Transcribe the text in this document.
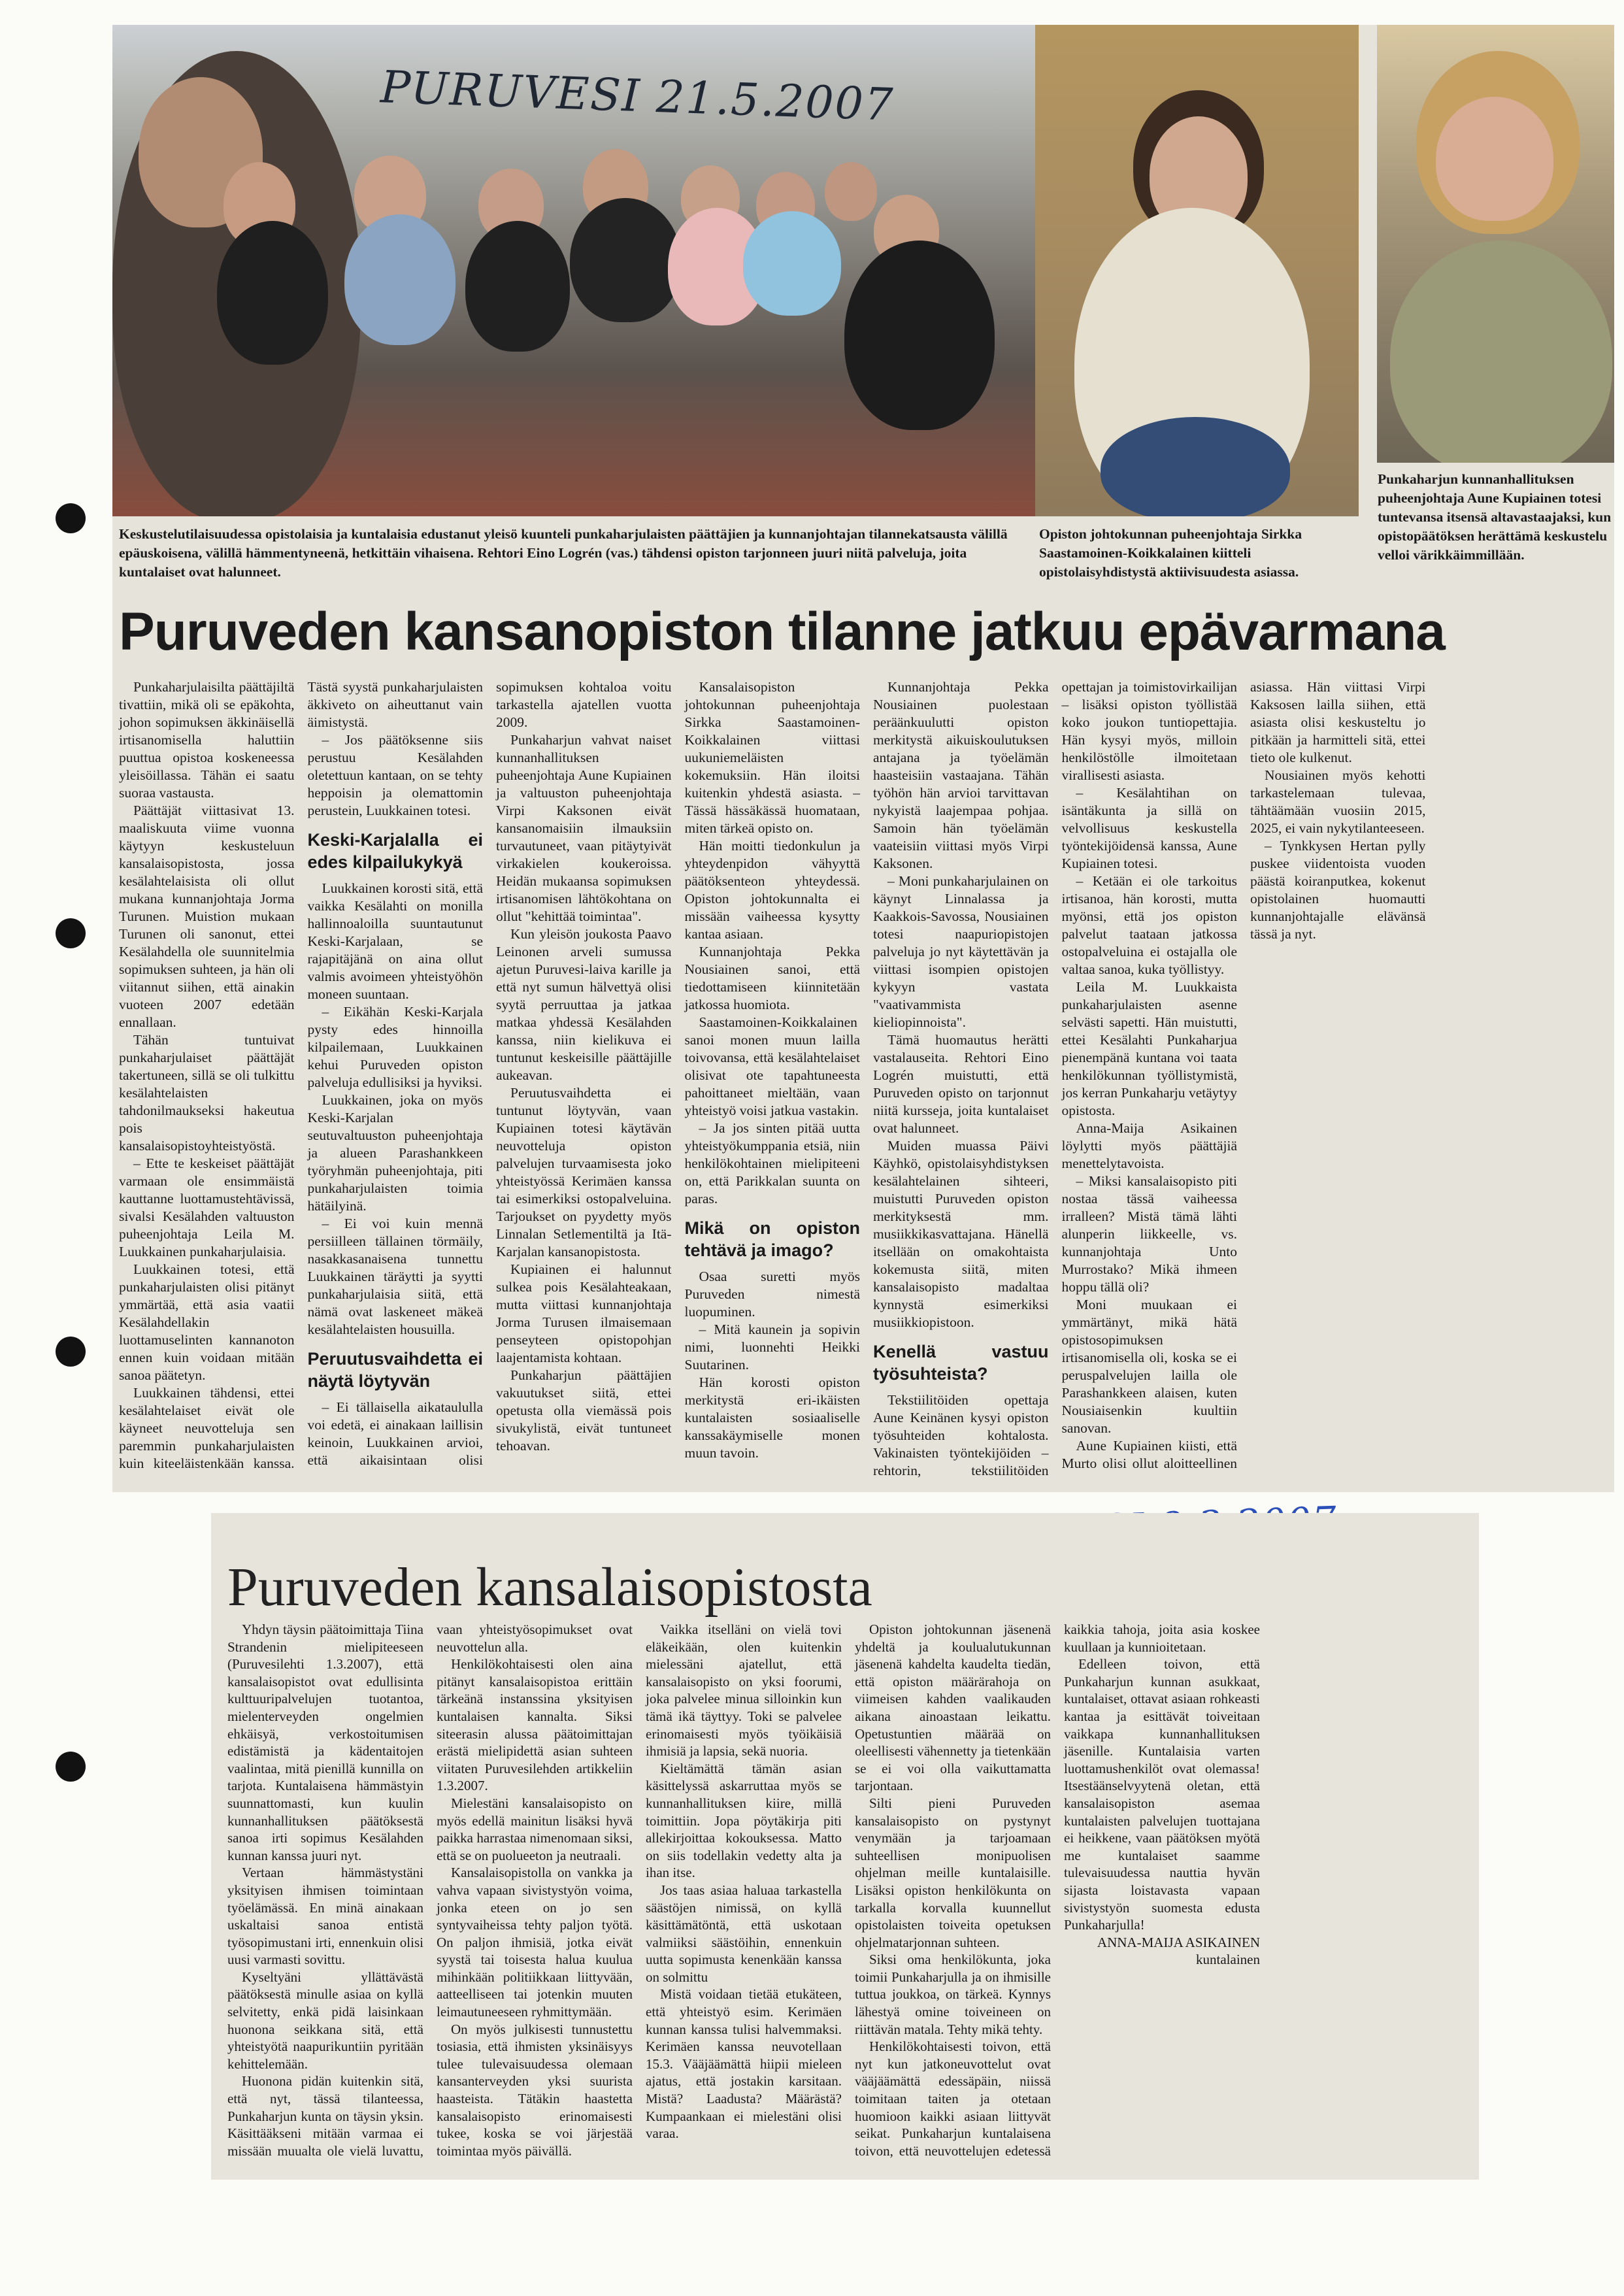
PURUVESI 21.5.2007

Keskustelutilaisuudessa opistolaisia ja kuntalaisia edustanut yleisö kuunteli punkaharjulaisten päättäjien ja kunnanjohtajan tilannekatsausta välillä epäuskoisena, välillä hämmentyneenä, hetkittäin vihaisena. Rehtori Eino Logrén (vas.) tähdensi opiston tarjonneen juuri niitä palveluja, joita kuntalaiset ovat halunneet.

Opiston johtokunnan puheenjohtaja Sirkka Saastamoinen-Koikkalainen kiitteli opistolaisyhdistystä aktiivisuudesta asiassa.

Punkaharjun kunnanhallituksen puheenjohtaja Aune Kupiainen totesi tuntevansa itsensä altavastaajaksi, kun opistopäätöksen herättämä keskustelu velloi värikkäimmillään.

Puruveden kansanopiston tilanne jatkuu epävarmana

Punkaharjulaisilta päättäjiltä tivattiin, mikä oli se epäkohta, johon sopimuksen äkkinäisellä irtisanomisella haluttiin puuttua opistoa koskeneessa yleisöillassa. Tähän ei saatu suoraa vastausta.

Päättäjät viittasivat 13. maaliskuuta viime vuonna käytyyn keskusteluun kansalaisopistosta, jossa kesälahtelaisista oli ollut mukana kunnanjohtaja Jorma Turunen. Muistion mukaan Turunen oli sanonut, ettei Kesälahdella ole suunnitelmia sopimuksen suhteen, ja hän oli viitannut siihen, että ainakin vuoteen 2007 edetään ennallaan.

Tähän tuntuivat punkaharjulaiset päättäjät takertuneen, sillä se oli tulkittu kesälahtelaisten tahdonilmaukseksi hakeutua pois kansalaisopistoyhteistyöstä.

– Ette te keskeiset päättäjät varmaan ole ensimmäistä kauttanne luottamustehtävissä, sivalsi Kesälahden valtuuston puheenjohtaja Leila M. Luukkainen punkaharjulaisia.

Luukkainen totesi, että punkaharjulaisten olisi pitänyt ymmärtää, että asia vaatii Kesälahdellakin luottamuselinten kannanoton ennen kuin voidaan mitään sanoa päätetyn.

Luukkainen tähdensi, ettei kesälahtelaiset eivät ole käyneet neuvotteluja sen paremmin punkaharjulaisten kuin kiteeläistenkään kanssa. Tästä syystä punkaharjulaisten äkkiveto on aiheuttanut vain äimistystä.

– Jos päätöksenne siis perustuu Kesälahden oletettuun kantaan, on se tehty heppoisin ja olemattomin perustein, Luukkainen totesi.

Keski-Karjalalla ei edes kilpailukykyä

Luukkainen korosti sitä, että vaikka Kesälahti on monilla hallinnoaloilla suuntautunut Keski-Karjalaan, se rajapitäjänä on aina ollut valmis avoimeen yhteistyöhön moneen suuntaan.

– Eikähän Keski-Karjala pysty edes hinnoilla kilpailemaan, Luukkainen kehui Puruveden opiston palveluja edullisiksi ja hyviksi.

Luukkainen, joka on myös Keski-Karjalan seutuvaltuuston puheenjohtaja ja alueen Parashankkeen työryhmän puheenjohtaja, piti punkaharjulaisten toimia hätäilyinä.

– Ei voi kuin mennä persiilleen tällainen törmäily, nasakkasanaisena tunnettu Luukkainen täräytti ja syytti punkaharjulaisia siitä, että nämä ovat laskeneet mäkeä kesälahtelaisten housuilla.

Peruutusvaihdetta ei näytä löytyvän

– Ei tällaisella aikataululla voi edetä, ei ainakaan laillisin keinoin, Luukkainen arvioi, että aikaisintaan olisi sopimuksen kohtaloa voitu tarkastella ajatellen vuotta 2009.

Punkaharjun vahvat naiset kunnanhallituksen puheenjohtaja Aune Kupiainen ja valtuuston puheenjohtaja Virpi Kaksonen eivät kansanomaisiin ilmauksiin turvautuneet, vaan pitäytyivät virkakielen koukeroissa. Heidän mukaansa sopimuksen irtisanomisen lähtökohtana on ollut "kehittää toimintaa".

Kun yleisön joukosta Paavo Leinonen arveli sumussa ajetun Puruvesi-laiva karille ja että nyt sumun hälvettyä olisi syytä perruuttaa ja jatkaa matkaa yhdessä Kesälahden kanssa, niin kielikuva ei tuntunut keskeisille päättäjille aukeavan.

Peruutusvaihdetta ei tuntunut löytyvän, vaan Kupiainen totesi käytävän neuvotteluja opiston palvelujen turvaamisesta joko yhteistyössä Kerimäen kanssa tai esimerkiksi ostopalveluina. Tarjoukset on pyydetty myös Linnalan Setlementiltä ja Itä-Karjalan kansanopistosta.

Kupiainen ei halunnut sulkea pois Kesälahteakaan, mutta viittasi kunnanjohtaja Jorma Turusen ilmaisemaan penseyteen opistopohjan laajentamista kohtaan.

Punkaharjun päättäjien vakuutukset siitä, ettei opetusta olla viemässä pois sivukylistä, eivät tuntuneet tehoavan.

Kansalaisopiston johtokunnan puheenjohtaja Sirkka Saastamoinen-Koikkalainen viittasi uukuniemeläisten kokemuksiin. Hän iloitsi kuitenkin yhdestä asiasta. – Tässä hässäkässä huomataan, miten tärkeä opisto on.

Hän moitti tiedonkulun ja yhteydenpidon vähyyttä päätöksenteon yhteydessä. Opiston johtokunnalta ei missään vaiheessa kysytty kantaa asiaan.

Kunnanjohtaja Pekka Nousiainen sanoi, että tiedottamiseen kiinnitetään jatkossa huomiota.

Saastamoinen-Koikkalainen sanoi monen muun lailla toivovansa, että kesälahtelaiset olisivat ote tapahtuneesta pahoittaneet mieltään, vaan yhteistyö voisi jatkua vastakin.

– Ja jos sinten pitää uutta yhteistyökumppania etsiä, niin henkilökohtainen mielipiteeni on, että Parikkalan suunta on paras.

Mikä on opiston tehtävä ja imago?

Osaa suretti myös Puruveden nimestä luopuminen.

– Mitä kaunein ja sopivin nimi, luonnehti Heikki Suutarinen.

Hän korosti opiston merkitystä eri-ikäisten kuntalaisten sosiaaliselle kanssakäymiselle monen muun tavoin.

Kunnanjohtaja Pekka Nousiainen puolestaan peräänkuulutti opiston merkitystä aikuiskoulutuksen antajana ja työelämän haasteisiin vastaajana. Tähän työhön hän arvioi tarvittavan nykyistä laajempaa pohjaa. Samoin hän työelämän vaateisiin viittasi myös Virpi Kaksonen.

– Moni punkaharjulainen on käynyt Linnalassa ja Kaakkois-Savossa, Nousiainen totesi naapuriopistojen palveluja jo nyt käytettävän ja viittasi isompien opistojen kykyyn vastata "vaativammista kieliopinnoista".

Tämä huomautus herätti vastalauseita. Rehtori Eino Logrén muistutti, että Puruveden opisto on tarjonnut niitä kursseja, joita kuntalaiset ovat halunneet.

Muiden muassa Päivi Käyhkö, opistolaisyhdistyksen kesälahtelainen sihteeri, muistutti Puruveden opiston merkityksestä mm. musiikkikasvattajana. Hänellä itsellään on omakohtaista kokemusta siitä, miten kansalaisopisto madaltaa kynnystä esimerkiksi musiikkiopistoon.

Kenellä vastuu työsuhteista?

Tekstiilitöiden opettaja Aune Keinänen kysyi opiston työsuhteiden kohtalosta. Vakinaisten työntekijöiden – rehtorin, tekstiilitöiden opettajan ja toimistovirkailijan – lisäksi opiston työllistää koko joukon tuntiopettajia. Hän kysyi myös, milloin henkilöstölle ilmoitetaan virallisesti asiasta.

– Kesälahtihan on isäntäkunta ja sillä on velvollisuus keskustella työntekijöidensä kanssa, Aune Kupiainen totesi.

– Ketään ei ole tarkoitus irtisanoa, hän korosti, mutta myönsi, että jos opiston palvelut taataan jatkossa ostopalveluina ei ostajalla ole valtaa sanoa, kuka työllistyy.

Leila M. Luukkaista punkaharjulaisten asenne selvästi sapetti. Hän muistutti, ettei Kesälahti Punkaharjua pienempänä kuntana voi taata henkilökunnan työllistymistä, jos kerran Punkaharju vetäytyy opistosta.

Anna-Maija Asikainen löylytti myös päättäjiä menettelytavoista.

– Miksi kansalaisopisto piti nostaa tässä vaiheessa irralleen? Mistä tämä lähti alunperin liikkeelle, vs. kunnanjohtaja Unto Murrostako? Mikä ihmeen hoppu tällä oli?

Moni muukaan ei ymmärtänyt, mikä hätä opistosopimuksen irtisanomisella oli, koska se ei peruspalvelujen lailla ole Parashankkeen alaisen, kuten Nousiaisenkin kuultiin sanovan.

Aune Kupiainen kiisti, että Murto olisi ollut aloitteellinen asiassa. Hän viittasi Virpi Kaksosen lailla siihen, että asiasta olisi keskusteltu jo pitkään ja harmitteli sitä, ettei tieto ole kulkenut.

Nousiainen myös kehotti tarkastelemaan tulevaa, tähtäämään vuosiin 2015, 2025, ei vain nykytilanteeseen.

– Tynkkysen Hertan pylly puskee viidentoista vuoden päästä koiranputkea, kokenut opistolainen huomautti kunnanjohtajalle elävänsä tässä ja nyt.

Puruveden kansalaisopistosta

Yhdyn täysin päätoimittaja Tiina Strandenin mielipiteeseen (Puruvesilehti 1.3.2007), että kansalaisopistot ovat edullisinta kulttuuripalvelujen tuotantoa, mielenterveyden ongelmien ehkäisyä, verkostoitumisen edistämistä ja kädentaitojen vaalintaa, mitä pienillä kunnilla on tarjota. Kuntalaisena hämmästyin suunnattomasti, kun kuulin kunnanhallituksen päätöksestä sanoa irti sopimus Kesälahden kunnan kanssa juuri nyt.

Vertaan hämmästystäni yksityisen ihmisen toimintaan työelämässä. En minä ainakaan uskaltaisi sanoa entistä työsopimustani irti, ennenkuin olisi uusi varmasti sovittu.

Kyseltyäni yllättävästä päätöksestä minulle asiaa on kyllä selvitetty, enkä pidä laisinkaan huonona seikkana sitä, että yhteistyötä naapurikuntiin pyritään kehittelemään.

Huonona pidän kuitenkin sitä, että nyt, tässä tilanteessa, Punkaharjun kunta on täysin yksin. Käsittääkseni mitään varmaa ei missään muualta ole vielä luvattu, vaan yhteistyösopimukset ovat neuvottelun alla.

Henkilökohtaisesti olen aina pitänyt kansalaisopistoa erittäin tärkeänä instanssina yksityisen kuntalaisen kannalta. Siksi siteerasin alussa päätoimittajan erästä mielipidettä asian suhteen viitaten Puruvesilehden artikkeliin 1.3.2007.

Mielestäni kansalaisopisto on myös edellä mainitun lisäksi hyvä paikka harrastaa nimenomaan siksi, että se on puolueeton ja neutraali.

Kansalaisopistolla on vankka ja vahva vapaan sivistystyön voima, jonka eteen on jo sen syntyvaiheissa tehty paljon työtä. On paljon ihmisiä, jotka eivät syystä tai toisesta halua kuulua mihinkään politiikkaan liittyvään, aatteelliseen tai jotenkin muuten leimautuneeseen ryhmittymään.

On myös julkisesti tunnustettu tosiasia, että ihmisten yksinäisyys tulee tulevaisuudessa olemaan kansanterveyden yksi suurista haasteista. Tätäkin haastetta kansalaisopisto erinomaisesti tukee, koska se voi järjestää toimintaa myös päivällä.

Vaikka itselläni on vielä tovi eläkeikään, olen kuitenkin mielessäni ajatellut, että kansalaisopisto on yksi foorumi, joka palvelee minua silloinkin kun tämä ikä täyttyy. Toki se palvelee erinomaisesti myös työikäisiä ihmisiä ja lapsia, sekä nuoria.

Kieltämättä tämän asian käsittelyssä askarruttaa myös se kunnanhallituksen kiire, millä toimittiin. Jopa pöytäkirja piti allekirjoittaa kokouksessa. Matto on siis todellakin vedetty alta ja ihan itse.

Jos taas asiaa haluaa tarkastella säästöjen nimissä, on kyllä käsittämätöntä, että uskotaan valmiiksi säästöihin, ennenkuin uutta sopimusta kenenkään kanssa on solmittu

Mistä voidaan tietää etukäteen, että yhteistyö esim. Kerimäen kunnan kanssa tulisi halvemmaksi. Kerimäen kanssa neuvotellaan 15.3. Vääjäämättä hiipii mieleen ajatus, että jostakin karsitaan. Mistä? Laadusta? Määrästä? Kumpaankaan ei mielestäni olisi varaa.

Opiston johtokunnan jäsenenä yhdeltä ja koulualutukunnan jäsenenä kahdelta kaudelta tiedän, että opiston määrärahoja on viimeisen kahden vaalikauden aikana ainoastaan leikattu. Opetustuntien määrää on oleellisesti vähennetty ja tietenkään se ei voi olla vaikuttamatta tarjontaan.

Silti pieni Puruveden kansalaisopisto on pystynyt venymään ja tarjoamaan suhteellisen monipuolisen ohjelman meille kuntalaisille. Lisäksi opiston henkilökunta on tarkalla korvalla kuunnellut opistolaisten toiveita opetuksen ohjelmatarjonnan suhteen.

Siksi oma henkilökunta, joka toimii Punkaharjulla ja on ihmisille tuttua joukkoa, on tärkeä. Kynnys lähestyä omine toiveineen on riittävän matala. Tehty mikä tehty.

Henkilökohtaisesti toivon, että nyt kun jatkoneuvottelut ovat vääjäämättä edessäpäin, niissä toimitaan taiten ja otetaan huomioon kaikki asiaan liittyvät seikat. Punkaharjun kuntalaisena toivon, että neuvottelujen edetessä kaikkia tahoja, joita asia koskee kuullaan ja kunnioitetaan.

Edelleen toivon, että Punkaharjun kunnan asukkaat, kuntalaiset, ottavat asiaan rohkeasti kantaa ja esittävät toiveitaan vaikkapa kunnanhallituksen jäsenille. Kuntalaisia varten luottamushenkilöt ovat olemassa! Itsestäänselvyytenä oletan, että kansalaisopiston asemaa kuntalaisten palvelujen tuottajana ei heikkene, vaan päätöksen myötä me kuntalaiset saamme tulevaisuudessa nauttia hyvän sijasta loistavasta vapaan sivistystyön suomesta edusta Punkaharjulla!

ANNA-MAIJA ASIKAINEN

kuntalainen
